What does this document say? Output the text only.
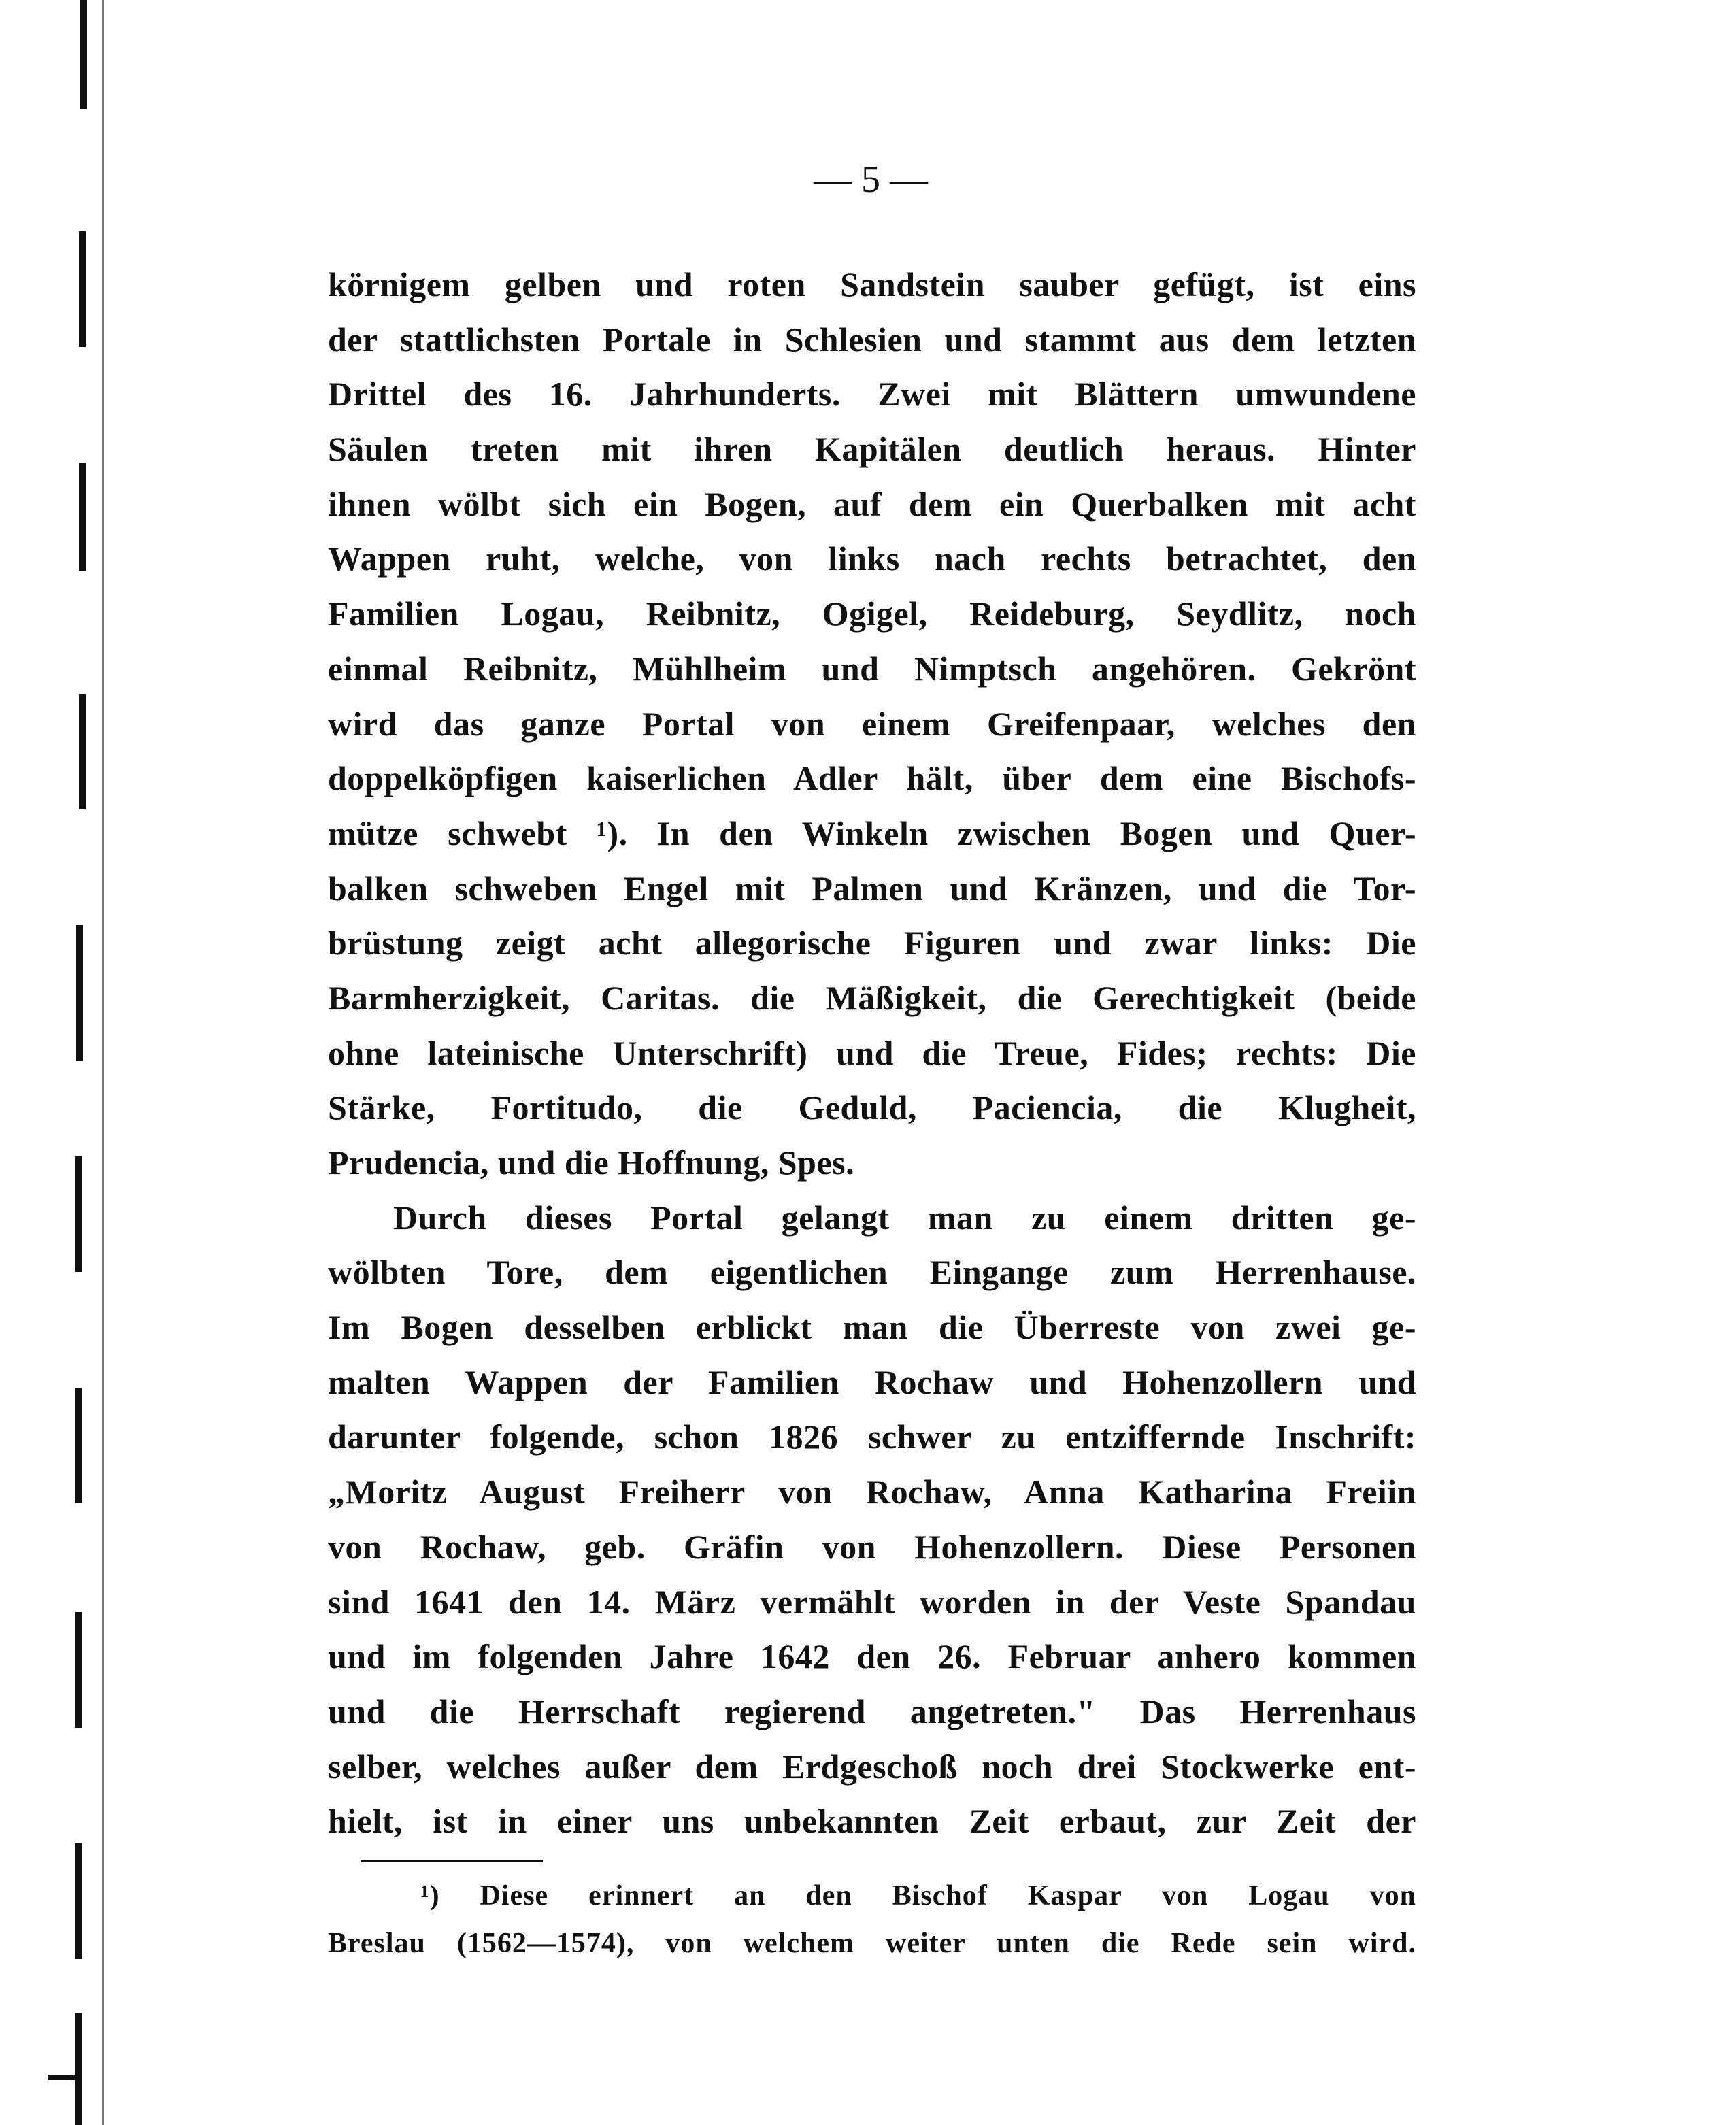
— 5 —
körnigem gelben und roten Sandstein sauber gefügt, ist eins
der stattlichsten Portale in Schlesien und stammt aus dem letzten
Drittel des 16. Jahrhunderts. Zwei mit Blättern umwundene
Säulen treten mit ihren Kapitälen deutlich heraus. Hinter
ihnen wölbt sich ein Bogen, auf dem ein Querbalken mit acht
Wappen ruht, welche, von links nach rechts betrachtet, den
Familien Logau, Reibnitz, Ogigel, Reideburg, Seydlitz, noch
einmal Reibnitz, Mühlheim und Nimptsch angehören. Gekrönt
wird das ganze Portal von einem Greifenpaar, welches den
doppelköpfigen kaiserlichen Adler hält, über dem eine Bischofs-
mütze schwebt ¹). In den Winkeln zwischen Bogen und Quer-
balken schweben Engel mit Palmen und Kränzen, und die Tor-
brüstung zeigt acht allegorische Figuren und zwar links: Die
Barmherzigkeit, Caritas. die Mäßigkeit, die Gerechtigkeit (beide
ohne lateinische Unterschrift) und die Treue, Fides; rechts: Die
Stärke, Fortitudo, die Geduld, Paciencia, die Klugheit,
Prudencia, und die Hoffnung, Spes.
Durch dieses Portal gelangt man zu einem dritten ge-
wölbten Tore, dem eigentlichen Eingange zum Herrenhause.
Im Bogen desselben erblickt man die Überreste von zwei ge-
malten Wappen der Familien Rochaw und Hohenzollern und
darunter folgende, schon 1826 schwer zu entziffernde Inschrift:
„Moritz August Freiherr von Rochaw, Anna Katharina Freiin
von Rochaw, geb. Gräfin von Hohenzollern. Diese Personen
sind 1641 den 14. März vermählt worden in der Veste Spandau
und im folgenden Jahre 1642 den 26. Februar anhero kommen
und die Herrschaft regierend angetreten." Das Herrenhaus
selber, welches außer dem Erdgeschoß noch drei Stockwerke ent-
hielt, ist in einer uns unbekannten Zeit erbaut, zur Zeit der
¹) Diese erinnert an den Bischof Kaspar von Logau von
Breslau (1562—1574), von welchem weiter unten die Rede sein wird.
